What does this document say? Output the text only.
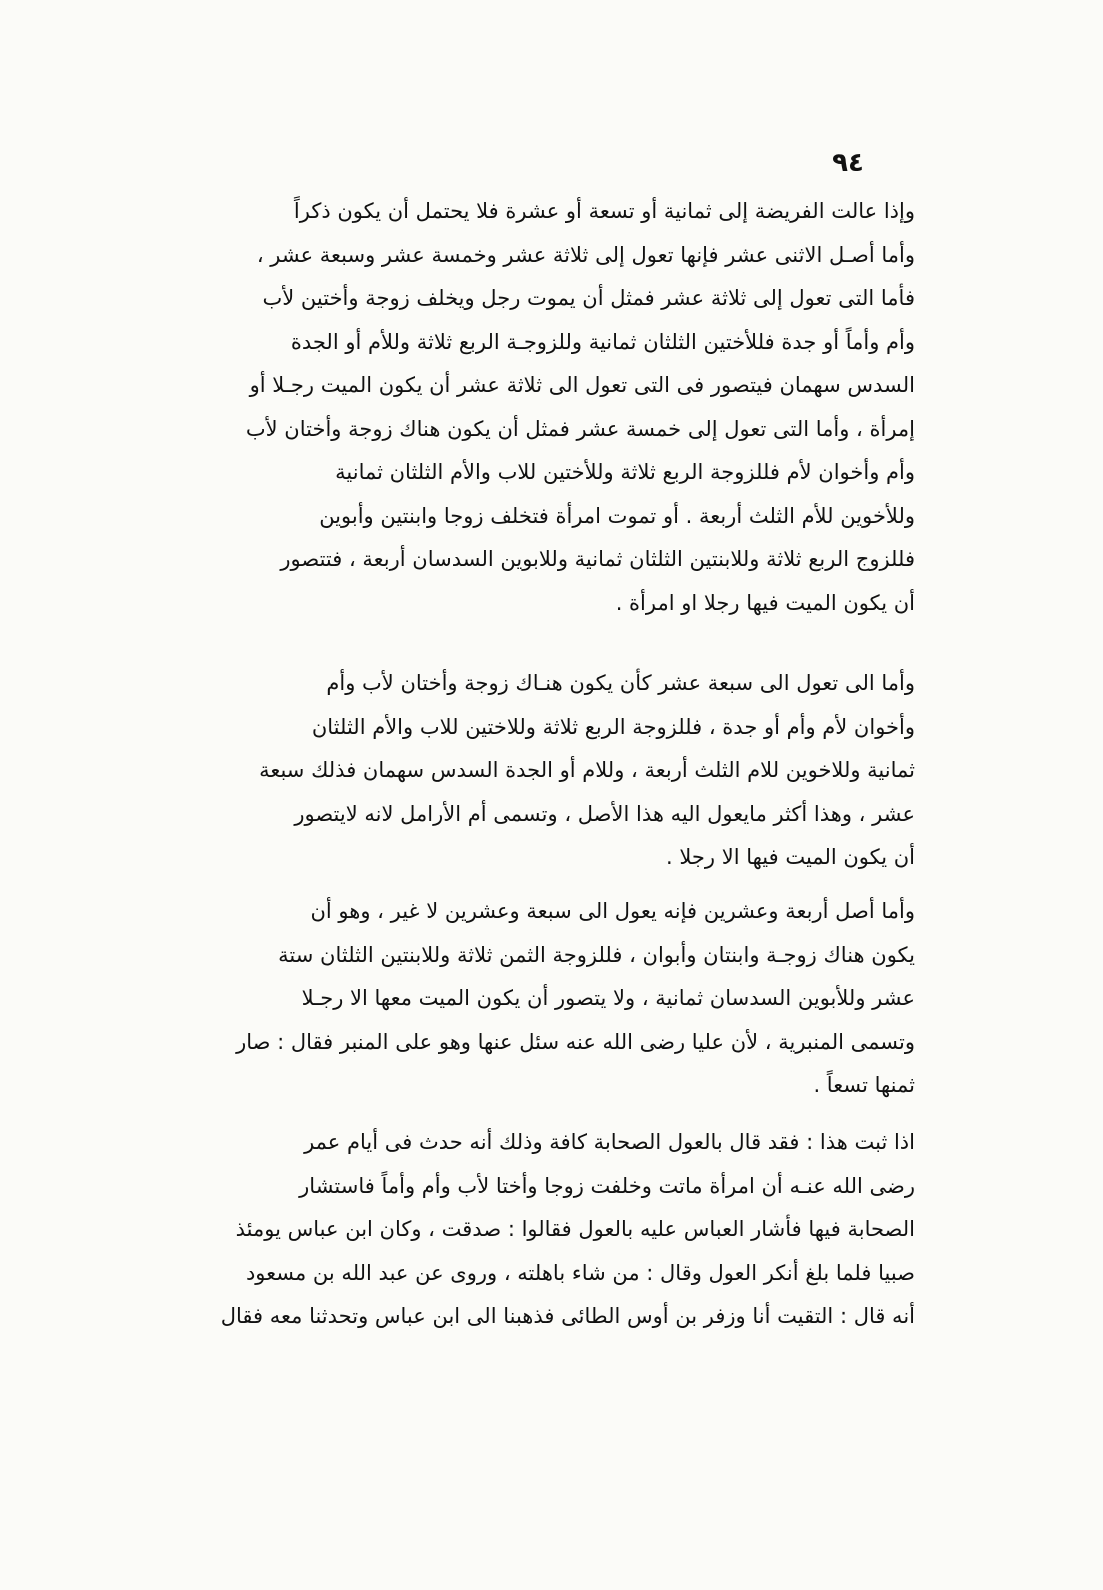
٩٤
وإذا عالت الفريضة إلى ثمانية أو تسعة أو عشرة فلا يحتمل أن يكون ذكراً
وأما أصـل الاثنى عشر فإنها تعول إلى ثلاثة عشر وخمسة عشر وسبعة عشر ،
فأما التى تعول إلى ثلاثة عشر فمثل أن يموت رجل ويخلف زوجة وأختين لأب
وأم وأماً أو جدة فللأختين الثلثان ثمانية وللزوجـة الربع ثلاثة وللأم أو الجدة
السدس سهمان فيتصور فى التى تعول الى ثلاثة عشر أن يكون الميت رجـلا أو
إمرأة ، وأما التى تعول إلى خمسة عشر فمثل أن يكون هناك زوجة وأختان لأب
وأم وأخوان لأم فللزوجة الربع ثلاثة وللأختين للاب والأم الثلثان ثمانية
وللأخوين للأم الثلث أربعة . أو تموت امرأة فتخلف زوجا وابنتين وأبوين
فللزوج الربع ثلاثة وللابنتين الثلثان ثمانية وللابوين السدسان أربعة ، فتتصور
أن يكون الميت فيها رجلا او امرأة .
وأما الى تعول الى سبعة عشر كأن يكون هنـاك زوجة وأختان لأب وأم
وأخوان لأم وأم أو جدة ، فللزوجة الربع ثلاثة وللاختين للاب والأم الثلثان
ثمانية وللاخوين للام الثلث أربعة ، وللام أو الجدة السدس سهمان فذلك سبعة
عشر ، وهذا أكثر مايعول اليه هذا الأصل ، وتسمى أم الأرامل لانه لايتصور
أن يكون الميت فيها الا رجلا .
وأما أصل أربعة وعشرين فإنه يعول الى سبعة وعشرين لا غير ، وهو أن
يكون هناك زوجـة وابنتان وأبوان ، فللزوجة الثمن ثلاثة وللابنتين الثلثان ستة
عشر وللأبوين السدسان ثمانية ، ولا يتصور أن يكون الميت معها الا رجـلا
وتسمى المنبرية ، لأن عليا رضى الله عنه سئل عنها وهو على المنبر فقال : صار
ثمنها تسعاً .
اذا ثبت هذا : فقد قال بالعول الصحابة كافة وذلك أنه حدث فى أيام عمر
رضى الله عنـه أن امرأة ماتت وخلفت زوجا وأختا لأب وأم وأماً فاستشار
الصحابة فيها فأشار العباس عليه بالعول فقالوا : صدقت ، وكان ابن عباس يومئذ
صبيا فلما بلغ أنكر العول وقال : من شاء باهلته ، وروى عن عبد الله بن مسعود
أنه قال : التقيت أنا وزفر بن أوس الطائى فذهبنا الى ابن عباس وتحدثنا معه فقال
